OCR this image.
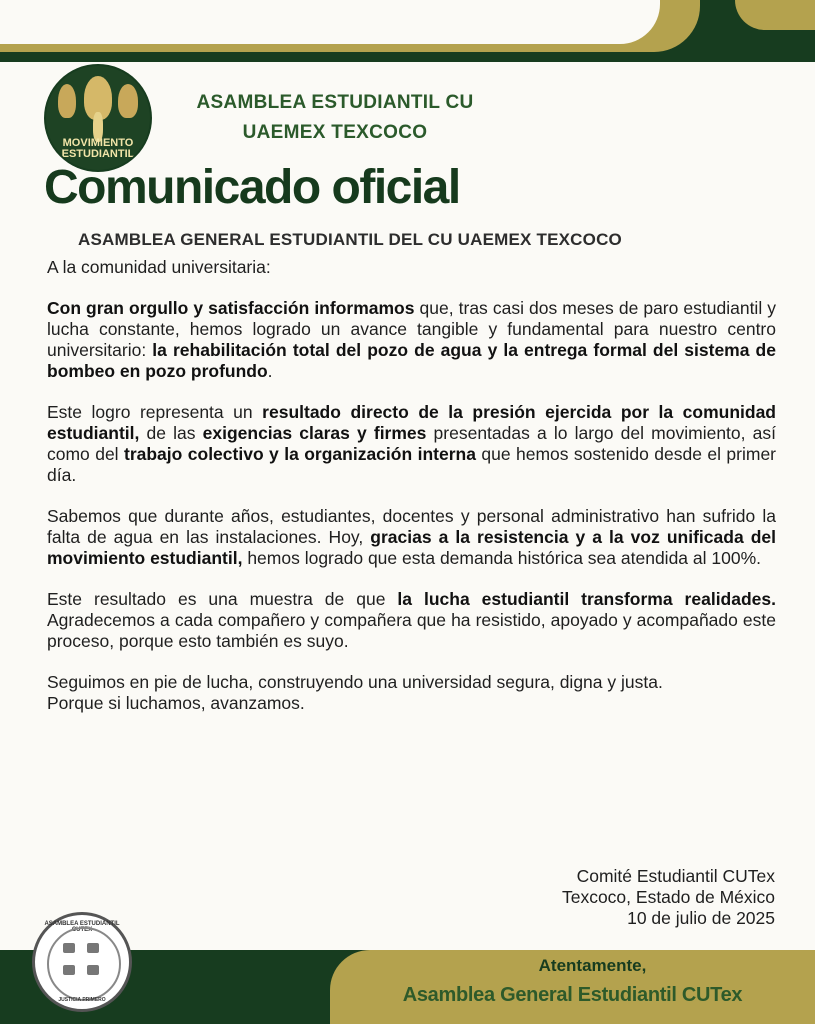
MOVIMIENTO ESTUDIANTIL
ASAMBLEA ESTUDIANTIL CU
UAEMEX TEXCOCO
Comunicado oficial
ASAMBLEA GENERAL ESTUDIANTIL DEL CU UAEMEX TEXCOCO

A la comunidad universitaria:

Con gran orgullo y satisfacción informamos que, tras casi dos meses de paro estudiantil y lucha constante, hemos logrado un avance tangible y fundamental para nuestro centro universitario: la rehabilitación total del pozo de agua y la entrega formal del sistema de bombeo en pozo profundo.

Este logro representa un resultado directo de la presión ejercida por la comunidad estudiantil, de las exigencias claras y firmes presentadas a lo largo del movimiento, así como del trabajo colectivo y la organización interna que hemos sostenido desde el primer día.

Sabemos que durante años, estudiantes, docentes y personal administrativo han sufrido la falta de agua en las instalaciones. Hoy, gracias a la resistencia y a la voz unificada del movimiento estudiantil, hemos logrado que esta demanda histórica sea atendida al 100%.

Este resultado es una muestra de que la lucha estudiantil transforma realidades. Agradecemos a cada compañero y compañera que ha resistido, apoyado y acompañado este proceso, porque esto también es suyo.

Seguimos en pie de lucha, construyendo una universidad segura, digna y justa.

Porque si luchamos, avanzamos.

Comité Estudiantil CUTex
Texcoco, Estado de México
10 de julio de 2025
Atentamente,
Asamblea General Estudiantil CUTex
ASAMBLEA ESTUDIANTIL CUTEX
JUSTICIA PRIMERO
